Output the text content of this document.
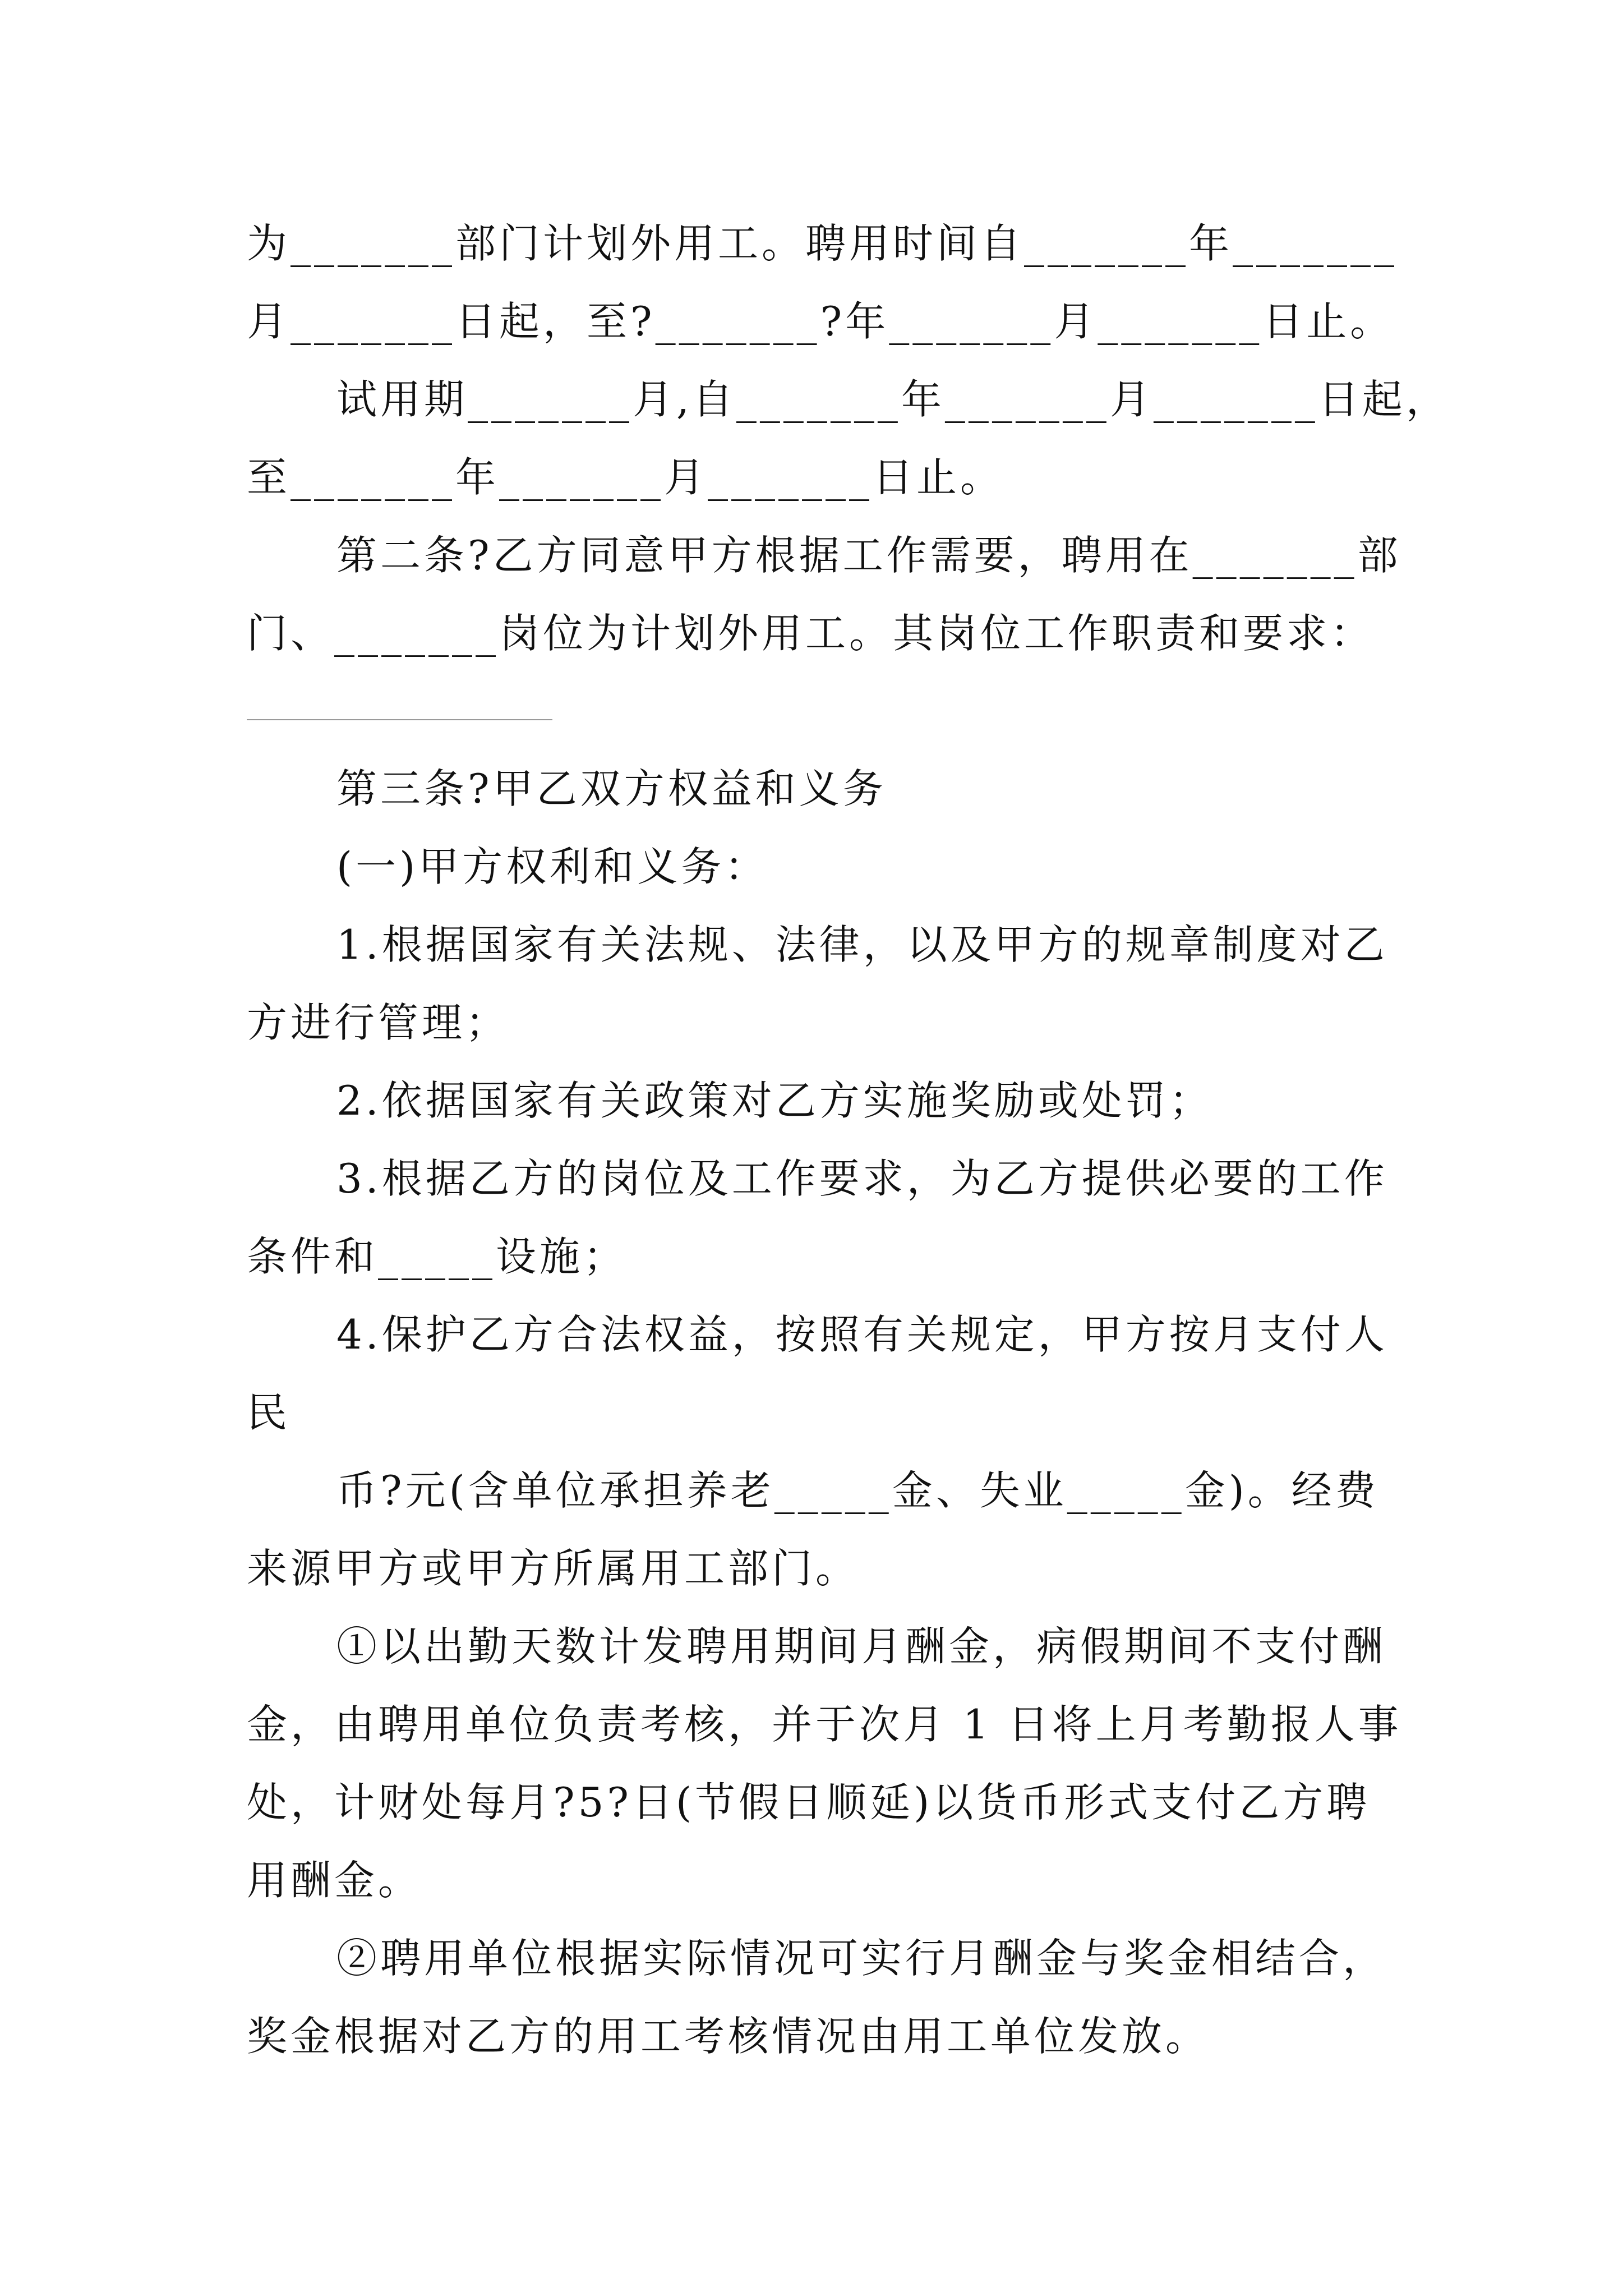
为_______部门计划外用工。聘用时间自_______年_______
月_______日起，至?_______?年_______月_______日止。
试用期_______月,自_______年_______月_______日起，
至_______年_______月_______日止。
第二条?乙方同意甲方根据工作需要，聘用在_______部
门、_______岗位为计划外用工。其岗位工作职责和要求：
第三条?甲乙双方权益和义务
(一)甲方权利和义务：
1.根据国家有关法规、法律，以及甲方的规章制度对乙
方进行管理；
2.依据国家有关政策对乙方实施奖励或处罚；
3.根据乙方的岗位及工作要求，为乙方提供必要的工作
条件和_____设施；
4.保护乙方合法权益，按照有关规定，甲方按月支付人
民
币?元(含单位承担养老_____金、失业_____金)。经费
来源甲方或甲方所属用工部门。
①以出勤天数计发聘用期间月酬金，病假期间不支付酬
金，由聘用单位负责考核，并于次月 1 日将上月考勤报人事
处，计财处每月?5?日(节假日顺延)以货币形式支付乙方聘
用酬金。
②聘用单位根据实际情况可实行月酬金与奖金相结合，
奖金根据对乙方的用工考核情况由用工单位发放。
